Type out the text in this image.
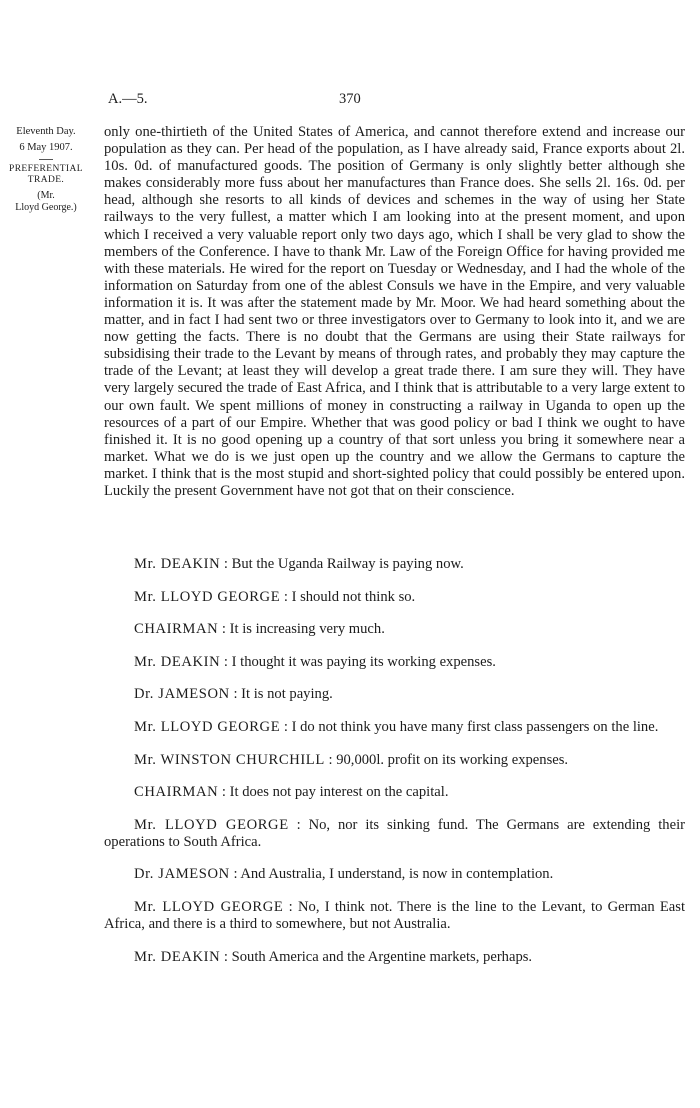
A.—5.	370
Eleventh Day.
6 May 1907.
PREFERENTIAL
TRADE.
(Mr.
Lloyd George.)

only one-thirtieth of the United States of America, and cannot therefore extend and increase our population as they can. Per head of the population, as I have already said, France exports about 2l. 10s. 0d. of manufactured goods. The position of Germany is only slightly better although she makes considerably more fuss about her manufactures than France does. She sells 2l. 16s. 0d. per head, although she resorts to all kinds of devices and schemes in the way of using her State railways to the very fullest, a matter which I am looking into at the present moment, and upon which I received a very valuable report only two days ago, which I shall be very glad to show the members of the Conference. I have to thank Mr. Law of the Foreign Office for having provided me with these materials. He wired for the report on Tuesday or Wednesday, and I had the whole of the information on Saturday from one of the ablest Consuls we have in the Empire, and very valuable information it is. It was after the statement made by Mr. Moor. We had heard something about the matter, and in fact I had sent two or three investigators over to Germany to look into it, and we are now getting the facts. There is no doubt that the Germans are using their State railways for subsidising their trade to the Levant by means of through rates, and probably they may capture the trade of the Levant; at least they will develop a great trade there. I am sure they will. They have very largely secured the trade of East Africa, and I think that is attributable to a very large extent to our own fault. We spent millions of money in constructing a railway in Uganda to open up the resources of a part of our Empire. Whether that was good policy or bad I think we ought to have finished it. It is no good opening up a country of that sort unless you bring it somewhere near a market. What we do is we just open up the country and we allow the Germans to capture the market. I think that is the most stupid and short-sighted policy that could possibly be entered upon. Luckily the present Government have not got that on their conscience.

Mr. DEAKIN : But the Uganda Railway is paying now.

Mr. LLOYD GEORGE : I should not think so.

CHAIRMAN : It is increasing very much.

Mr. DEAKIN : I thought it was paying its working expenses.

Dr. JAMESON : It is not paying.

Mr. LLOYD GEORGE : I do not think you have many first class passengers on the line.

Mr. WINSTON CHURCHILL : 90,000l. profit on its working expenses.

CHAIRMAN : It does not pay interest on the capital.

Mr. LLOYD GEORGE : No, nor its sinking fund. The Germans are extending their operations to South Africa.

Dr. JAMESON : And Australia, I understand, is now in contemplation.

Mr. LLOYD GEORGE : No, I think not. There is the line to the Levant, to German East Africa, and there is a third to somewhere, but not Australia.

Mr. DEAKIN : South America and the Argentine markets, perhaps.
